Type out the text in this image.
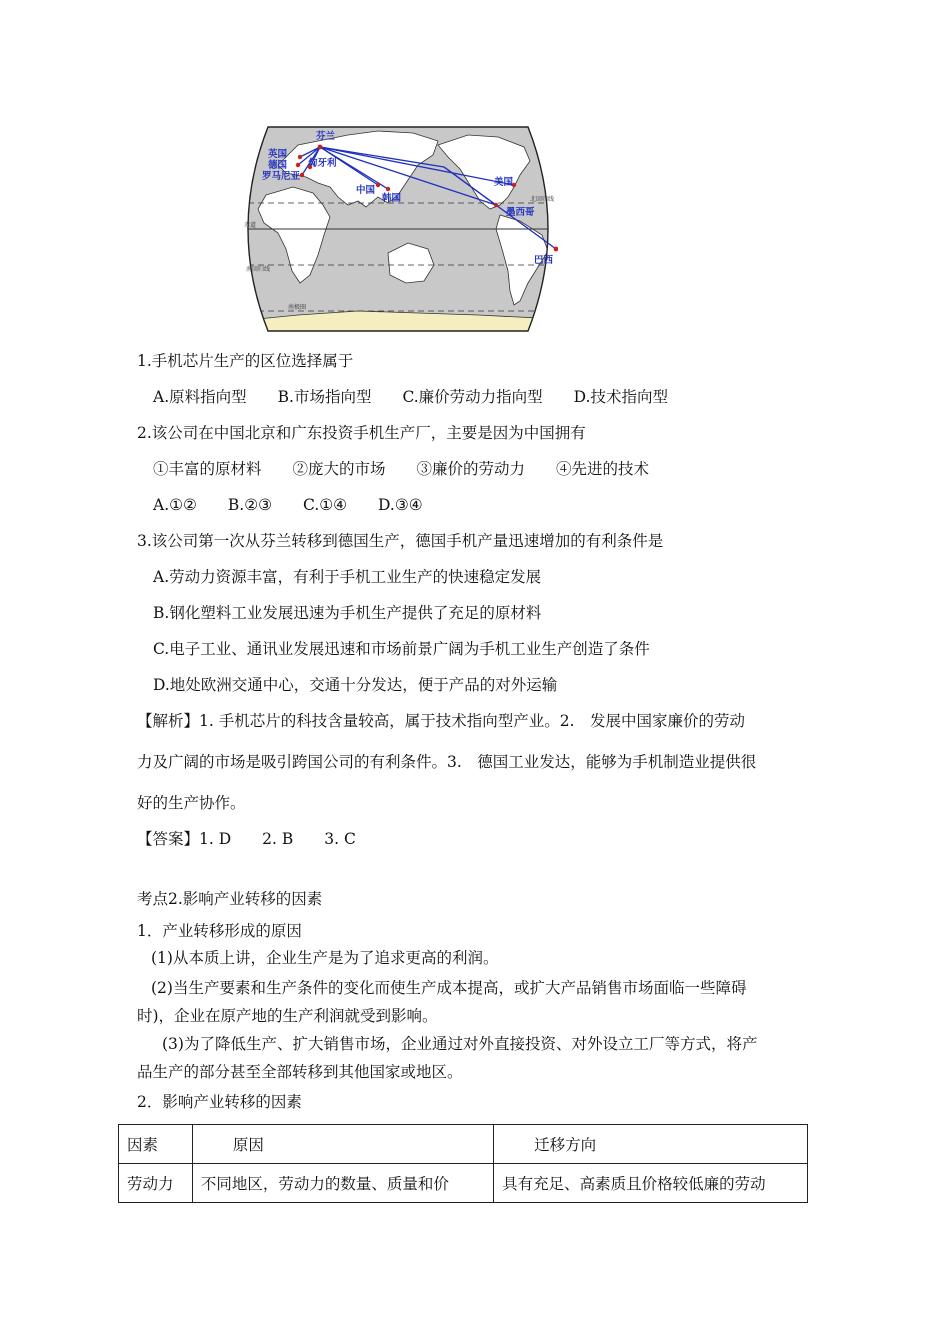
芬兰
英国
德国 匈牙利
罗马尼亚
中国
韩国
美国
墨西哥
巴西
北回归线
赤道
南回归线
南极圈
1.手机芯片生产的区位选择属于
A.原料指向型　　B.市场指向型　　C.廉价劳动力指向型　　D.技术指向型
2.该公司在中国北京和广东投资手机生产厂，主要是因为中国拥有
①丰富的原材料　　②庞大的市场　　③廉价的劳动力　　④先进的技术
A.①②　　B.②③　　C.①④　　D.③④
3.该公司第一次从芬兰转移到德国生产，德国手机产量迅速增加的有利条件是
A.劳动力资源丰富，有利于手机工业生产的快速稳定发展
B.钢化塑料工业发展迅速为手机生产提供了充足的原材料
C.电子工业、通讯业发展迅速和市场前景广阔为手机工业生产创造了条件
D.地处欧洲交通中心，交通十分发达，便于产品的对外运输
【解析】1. 手机芯片的科技含量较高，属于技术指向型产业。2.　发展中国家廉价的劳动
力及广阔的市场是吸引跨国公司的有利条件。3.　德国工业发达，能够为手机制造业提供很
好的生产协作。
【答案】1. D　　2. B　　3. C
考点2.影响产业转移的因素
1．产业转移形成的原因
(1)从本质上讲，企业生产是为了追求更高的利润。
(2)当生产要素和生产条件的变化而使生产成本提高，或扩大产品销售市场面临一些障碍
时)，企业在原产地的生产利润就受到影响。
(3)为了降低生产、扩大销售市场，企业通过对外直接投资、对外设立工厂等方式，将产
品生产的部分甚至全部转移到其他国家或地区。
2．影响产业转移的因素
因素	原因	迁移方向
劳动力	不同地区，劳动力的数量、质量和价	具有充足、高素质且价格较低廉的劳动
